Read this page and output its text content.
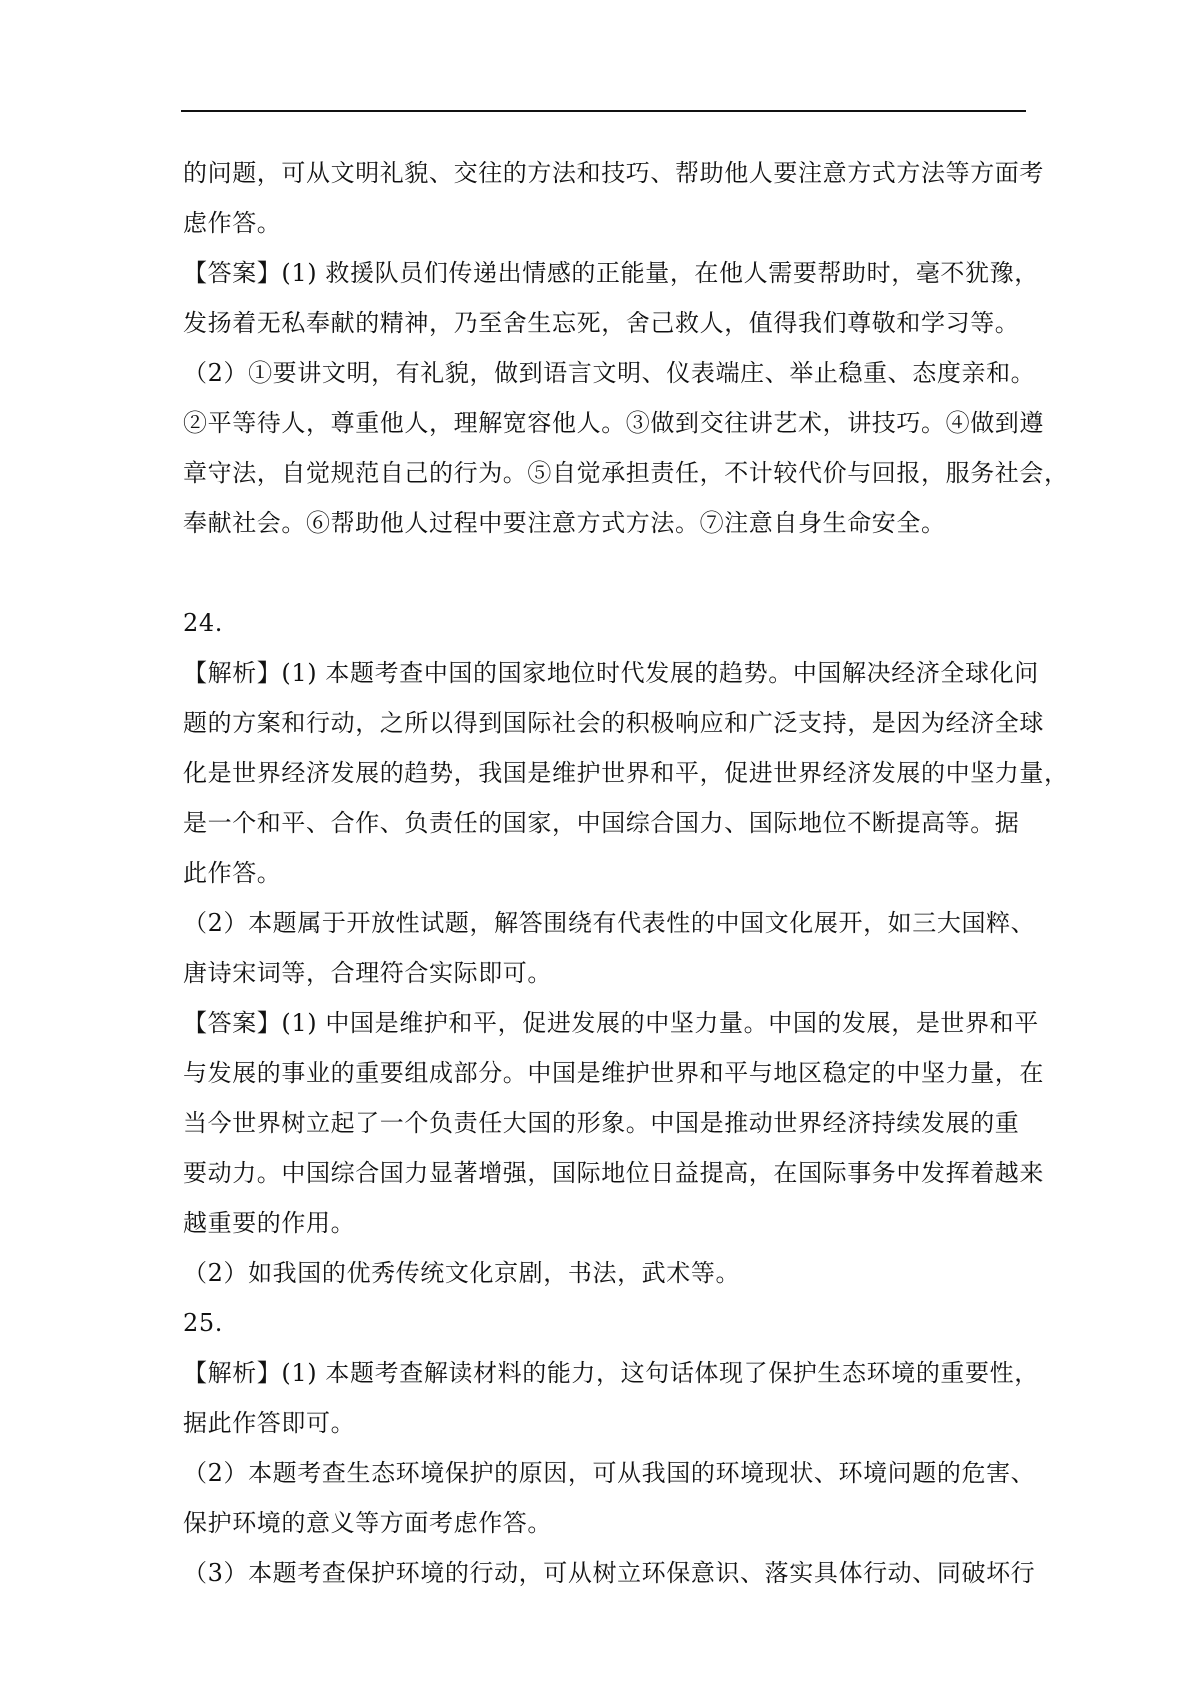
的问题，可从文明礼貌、交往的方法和技巧、帮助他人要注意方式方法等方面考
虑作答。
【答案】(1) 救援队员们传递出情感的正能量，在他人需要帮助时，毫不犹豫，
发扬着无私奉献的精神，乃至舍生忘死，舍己救人，值得我们尊敬和学习等。
（2）①要讲文明，有礼貌，做到语言文明、仪表端庄、举止稳重、态度亲和。
②平等待人，尊重他人，理解宽容他人。③做到交往讲艺术，讲技巧。④做到遵
章守法，自觉规范自己的行为。⑤自觉承担责任，不计较代价与回报，服务社会，
奉献社会。⑥帮助他人过程中要注意方式方法。⑦注意自身生命安全。
24.
【解析】(1) 本题考查中国的国家地位时代发展的趋势。中国解决经济全球化问
题的方案和行动，之所以得到国际社会的积极响应和广泛支持，是因为经济全球
化是世界经济发展的趋势，我国是维护世界和平，促进世界经济发展的中坚力量，
是一个和平、合作、负责任的国家，中国综合国力、国际地位不断提高等。据
此作答。
（2）本题属于开放性试题，解答围绕有代表性的中国文化展开，如三大国粹、
唐诗宋词等，合理符合实际即可。
【答案】(1) 中国是维护和平，促进发展的中坚力量。中国的发展，是世界和平
与发展的事业的重要组成部分。中国是维护世界和平与地区稳定的中坚力量，在
当今世界树立起了一个负责任大国的形象。中国是推动世界经济持续发展的重
要动力。中国综合国力显著增强，国际地位日益提高，在国际事务中发挥着越来
越重要的作用。
（2）如我国的优秀传统文化京剧，书法，武术等。
25.
【解析】(1) 本题考查解读材料的能力，这句话体现了保护生态环境的重要性，
据此作答即可。
（2）本题考查生态环境保护的原因，可从我国的环境现状、环境问题的危害、
保护环境的意义等方面考虑作答。
（3）本题考查保护环境的行动，可从树立环保意识、落实具体行动、同破坏行
